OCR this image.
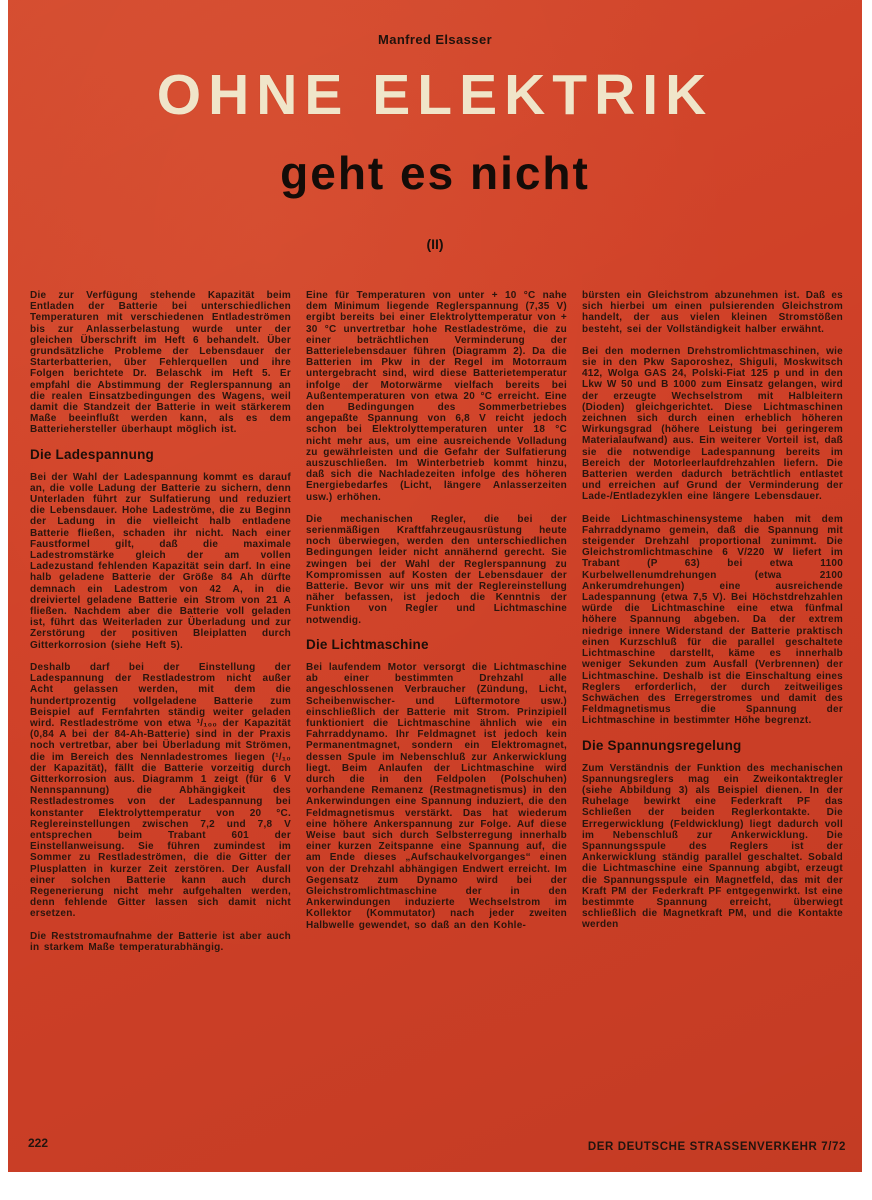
Manfred Elsasser
OHNE ELEKTRIK
geht es nicht
(II)

Die zur Verfügung stehende Kapazität beim Entladen der Batterie bei unterschiedlichen Temperaturen mit verschiedenen Entladeströmen bis zur Anlasserbelastung wurde unter der gleichen Überschrift im Heft 6 behandelt. Über grundsätzliche Probleme der Lebensdauer der Starterbatterien, über Fehlerquellen und ihre Folgen berichtete Dr. Belaschk im Heft 5. Er empfahl die Abstimmung der Reglerspannung an die realen Einsatzbedingungen des Wagens, weil damit die Standzeit der Batterie in weit stärkerem Maße beeinflußt werden kann, als es dem Batteriehersteller überhaupt möglich ist.

Die Ladespannung

Bei der Wahl der Ladespannung kommt es darauf an, die volle Ladung der Batterie zu sichern, denn Unterladen führt zur Sulfatierung und reduziert die Lebensdauer. Hohe Ladeströme, die zu Beginn der Ladung in die vielleicht halb entladene Batterie fließen, schaden ihr nicht. Nach einer Faustformel gilt, daß die maximale Ladestromstärke gleich der am vollen Ladezustand fehlenden Kapazität sein darf. In eine halb geladene Batterie der Größe 84 Ah dürfte demnach ein Ladestrom von 42 A, in die dreiviertel geladene Batterie ein Strom von 21 A fließen. Nachdem aber die Batterie voll geladen ist, führt das Weiterladen zur Überladung und zur Zerstörung der positiven Bleiplatten durch Gitterkorrosion (siehe Heft 5).

Deshalb darf bei der Einstellung der Ladespannung der Restladestrom nicht außer Acht gelassen werden, mit dem die hundertprozentig vollgeladene Batterie zum Beispiel auf Fernfahrten ständig weiter geladen wird. Restladeströme von etwa ¹/₁₀₀ der Kapazität (0,84 A bei der 84-Ah-Batterie) sind in der Praxis noch vertretbar, aber bei Überladung mit Strömen, die im Bereich des Nennladestromes liegen (¹/₁₀ der Kapazität), fällt die Batterie vorzeitig durch Gitterkorrosion aus. Diagramm 1 zeigt (für 6 V Nennspannung) die Abhängigkeit des Restladestromes von der Ladespannung bei konstanter Elektrolyttemperatur von 20 °C. Reglereinstellungen zwischen 7,2 und 7,8 V entsprechen beim Trabant 601 der Einstellanweisung. Sie führen zumindest im Sommer zu Restladeströmen, die die Gitter der Plusplatten in kurzer Zeit zerstören. Der Ausfall einer solchen Batterie kann auch durch Regenerierung nicht mehr aufgehalten werden, denn fehlende Gitter lassen sich damit nicht ersetzen.

Die Reststromaufnahme der Batterie ist aber auch in starkem Maße temperaturabhängig.

Eine für Temperaturen von unter + 10 °C nahe dem Minimum liegende Reglerspannung (7,35 V) ergibt bereits bei einer Elektrolyttemperatur von + 30 °C unvertretbar hohe Restladeströme, die zu einer beträchtlichen Verminderung der Batterielebensdauer führen (Diagramm 2). Da die Batterien im Pkw in der Regel im Motorraum untergebracht sind, wird diese Batterietemperatur infolge der Motorwärme vielfach bereits bei Außentemperaturen von etwa 20 °C erreicht. Eine den Bedingungen des Sommerbetriebes angepaßte Spannung von 6,8 V reicht jedoch schon bei Elektrolyttemperaturen unter 18 °C nicht mehr aus, um eine ausreichende Volladung zu gewährleisten und die Gefahr der Sulfatierung auszuschließen. Im Winterbetrieb kommt hinzu, daß sich die Nachladezeiten infolge des höheren Energiebedarfes (Licht, längere Anlasserzeiten usw.) erhöhen.

Die mechanischen Regler, die bei der serienmäßigen Kraftfahrzeugausrüstung heute noch überwiegen, werden den unterschiedlichen Bedingungen leider nicht annähernd gerecht. Sie zwingen bei der Wahl der Reglerspannung zu Kompromissen auf Kosten der Lebensdauer der Batterie. Bevor wir uns mit der Reglereinstellung näher befassen, ist jedoch die Kenntnis der Funktion von Regler und Lichtmaschine notwendig.

Die Lichtmaschine

Bei laufendem Motor versorgt die Lichtmaschine ab einer bestimmten Drehzahl alle angeschlossenen Verbraucher (Zündung, Licht, Scheibenwischer- und Lüftermotore usw.) einschließlich der Batterie mit Strom. Prinzipiell funktioniert die Lichtmaschine ähnlich wie ein Fahrraddynamo. Ihr Feldmagnet ist jedoch kein Permanentmagnet, sondern ein Elektromagnet, dessen Spule im Nebenschluß zur Ankerwicklung liegt. Beim Anlaufen der Lichtmaschine wird durch die in den Feldpolen (Polschuhen) vorhandene Remanenz (Restmagnetismus) in den Ankerwindungen eine Spannung induziert, die den Feldmagnetismus verstärkt. Das hat wiederum eine höhere Ankerspannung zur Folge. Auf diese Weise baut sich durch Selbsterregung innerhalb einer kurzen Zeitspanne eine Spannung auf, die am Ende dieses „Aufschaukelvorganges“ einen von der Drehzahl abhängigen Endwert erreicht. Im Gegensatz zum Dynamo wird bei der Gleichstromlichtmaschine der in den Ankerwindungen induzierte Wechselstrom im Kollektor (Kommutator) nach jeder zweiten Halbwelle gewendet, so daß an den Kohle-

bürsten ein Gleichstrom abzunehmen ist. Daß es sich hierbei um einen pulsierenden Gleichstrom handelt, der aus vielen kleinen Stromstößen besteht, sei der Vollständigkeit halber erwähnt.

Bei den modernen Drehstromlichtmaschinen, wie sie in den Pkw Saporoshez, Shiguli, Moskwitsch 412, Wolga GAS 24, Polski-Fiat 125 p und in den Lkw W 50 und B 1000 zum Einsatz gelangen, wird der erzeugte Wechselstrom mit Halbleitern (Dioden) gleichgerichtet. Diese Lichtmaschinen zeichnen sich durch einen erheblich höheren Wirkungsgrad (höhere Leistung bei geringerem Materialaufwand) aus. Ein weiterer Vorteil ist, daß sie die notwendige Ladespannung bereits im Bereich der Motorleerlaufdrehzahlen liefern. Die Batterien werden dadurch beträchtlich entlastet und erreichen auf Grund der Verminderung der Lade-/Entladezyklen eine längere Lebensdauer.

Beide Lichtmaschinensysteme haben mit dem Fahrraddynamo gemein, daß die Spannung mit steigender Drehzahl proportional zunimmt. Die Gleichstromlichtmaschine 6 V/220 W liefert im Trabant (P 63) bei etwa 1100 Kurbelwellenumdrehungen (etwa 2100 Ankerumdrehungen) eine ausreichende Ladespannung (etwa 7,5 V). Bei Höchstdrehzahlen würde die Lichtmaschine eine etwa fünfmal höhere Spannung abgeben. Da der extrem niedrige innere Widerstand der Batterie praktisch einen Kurzschluß für die parallel geschaltete Lichtmaschine darstellt, käme es innerhalb weniger Sekunden zum Ausfall (Verbrennen) der Lichtmaschine. Deshalb ist die Einschaltung eines Reglers erforderlich, der durch zeitweiliges Schwächen des Erregerstromes und damit des Feldmagnetismus die Spannung der Lichtmaschine in bestimmter Höhe begrenzt.

Die Spannungsregelung

Zum Verständnis der Funktion des mechanischen Spannungsreglers mag ein Zweikontaktregler (siehe Abbildung 3) als Beispiel dienen. In der Ruhelage bewirkt eine Federkraft PF das Schließen der beiden Reglerkontakte. Die Erregerwicklung (Feldwicklung) liegt dadurch voll im Nebenschluß zur Ankerwicklung. Die Spannungsspule des Reglers ist der Ankerwicklung ständig parallel geschaltet. Sobald die Lichtmaschine eine Spannung abgibt, erzeugt die Spannungsspule ein Magnetfeld, das mit der Kraft PM der Federkraft PF entgegenwirkt. Ist eine bestimmte Spannung erreicht, überwiegt schließlich die Magnetkraft PM, und die Kontakte werden

222	DER DEUTSCHE STRASSENVERKEHR 7/72
